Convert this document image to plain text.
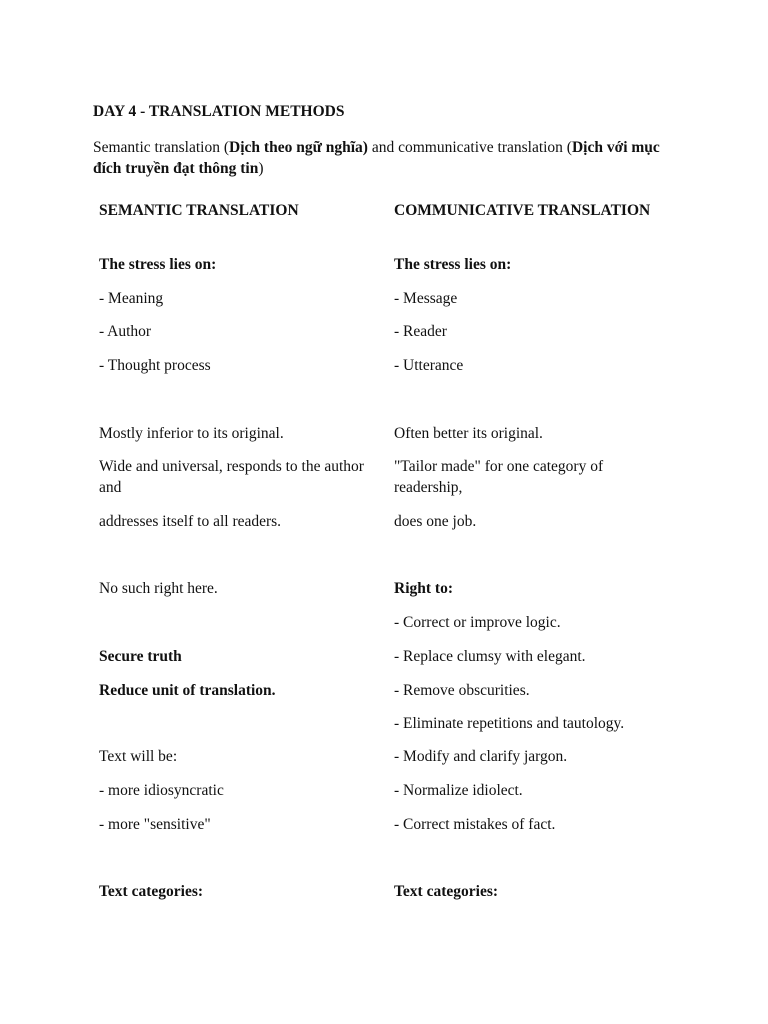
DAY 4 - TRANSLATION METHODS

Semantic translation (Dịch theo ngữ nghĩa) and communicative translation (Dịch với mục đích truyền đạt thông tin)

SEMANTIC TRANSLATION

The stress lies on:

- Meaning

- Author

- Thought process

Mostly inferior to its original.

Wide and universal, responds to the author and

addresses itself to all readers.

No such right here.

Secure truth

Reduce unit of translation.

Text will be:

- more idiosyncratic

- more "sensitive"

Text categories:

COMMUNICATIVE TRANSLATION

The stress lies on:

- Message

- Reader

- Utterance

Often better its original.

"Tailor made" for one category of readership,

does one job.

Right to:

- Correct or improve logic.

- Replace clumsy with elegant.

- Remove obscurities.

- Eliminate repetitions and tautology.

- Modify and clarify jargon.

- Normalize idiolect.

- Correct mistakes of fact.

Text categories:
